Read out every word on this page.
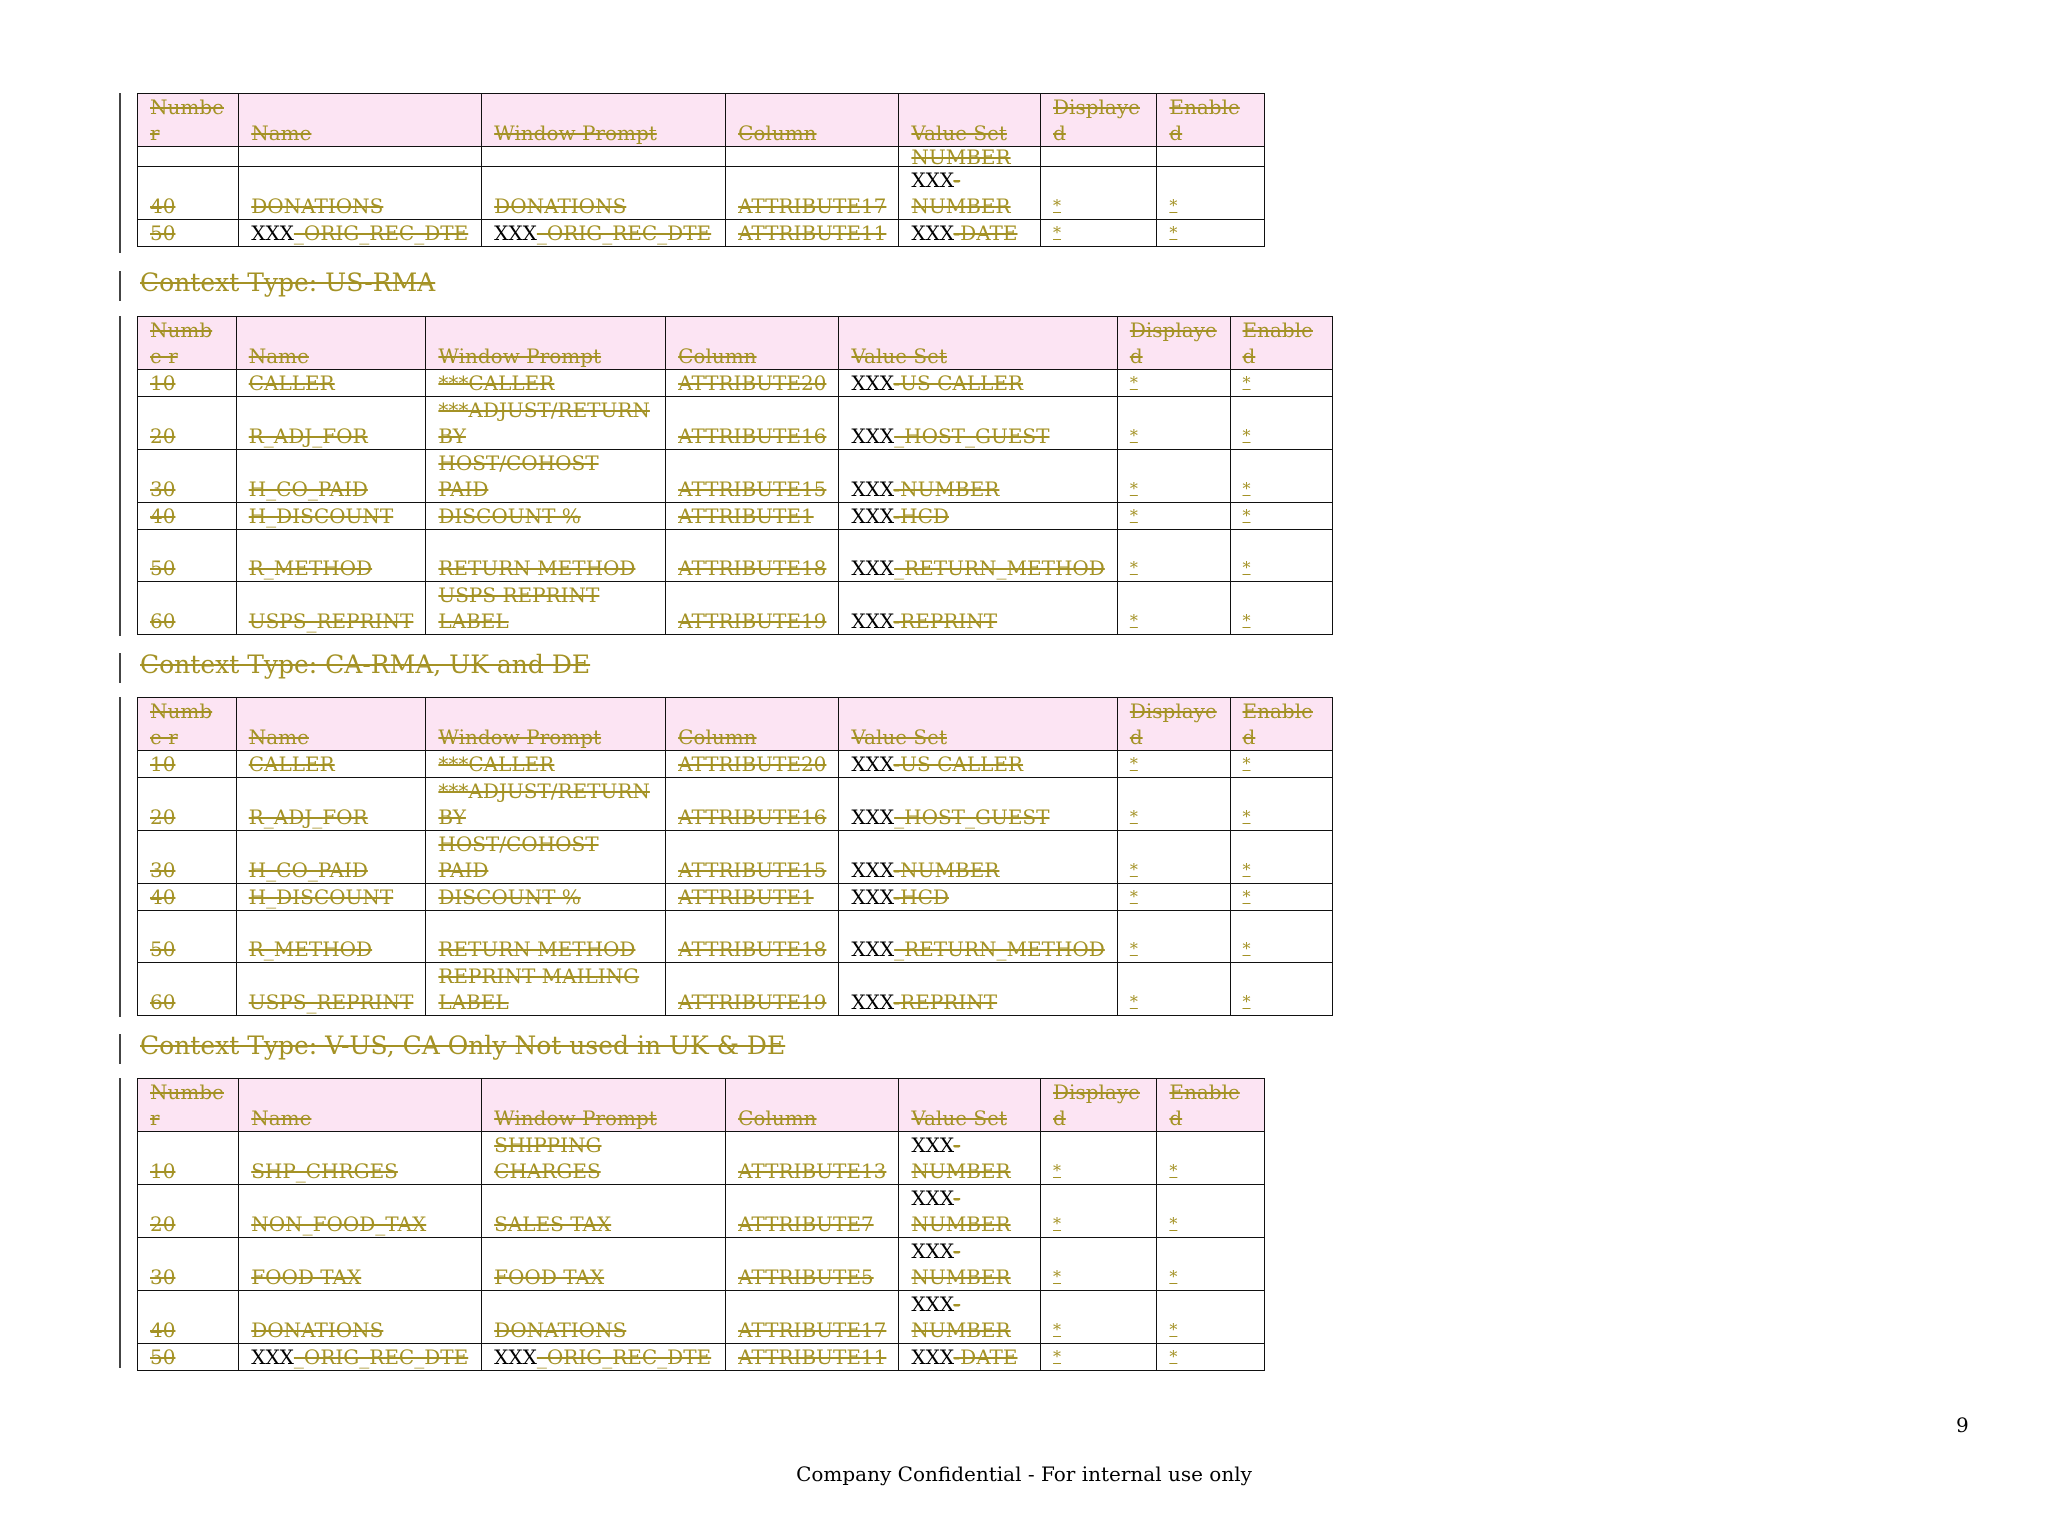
Numbe r	Name	Window Prompt	Column	Value Set	Displaye d	Enabled
				NUMBER		
40	DONATIONS	DONATIONS	ATTRIBUTE17	XXX-NUMBER	*	*
50	XXX_ORIG_REC_DTE	XXX_ORIG_REC_DTE	ATTRIBUTE11	XXX-DATE	*	*
Context Type: US-RMA
Numbe r	Name	Window Prompt	Column	Value Set	Displaye d	Enabled
10	CALLER	***CALLER	ATTRIBUTE20	XXX-US CALLER	*	*
20	R_ADJ_FOR	***ADJUST/RETURN BY	ATTRIBUTE16	XXX_HOST_GUEST	*	*
30	H_CO_PAID	HOST/COHOST PAID	ATTRIBUTE15	XXX-NUMBER	*	*
40	H_DISCOUNT	DISCOUNT %	ATTRIBUTE1	XXX-HCD	*	*
50	R_METHOD	RETURN METHOD	ATTRIBUTE18	XXX_RETURN_METHOD	*	*
60	USPS_REPRINT	USPS REPRINT LABEL	ATTRIBUTE19	XXX-REPRINT	*	*
Context Type: CA-RMA, UK and DE
Numbe r	Name	Window Prompt	Column	Value Set	Displaye d	Enabled
10	CALLER	***CALLER	ATTRIBUTE20	XXX-US CALLER	*	*
20	R_ADJ_FOR	***ADJUST/RETURN BY	ATTRIBUTE16	XXX_HOST_GUEST	*	*
30	H_CO_PAID	HOST/COHOST PAID	ATTRIBUTE15	XXX-NUMBER	*	*
40	H_DISCOUNT	DISCOUNT %	ATTRIBUTE1	XXX-HCD	*	*
50	R_METHOD	RETURN METHOD	ATTRIBUTE18	XXX_RETURN_METHOD	*	*
60	USPS_REPRINT	REPRINT MAILING LABEL	ATTRIBUTE19	XXX-REPRINT	*	*
Context Type: V-US, CA Only Not used in UK & DE
Numbe r	Name	Window Prompt	Column	Value Set	Displaye d	Enabled
10	SHP_CHRGES	SHIPPING CHARGES	ATTRIBUTE13	XXX-NUMBER	*	*
20	NON_FOOD_TAX	SALES TAX	ATTRIBUTE7	XXX-NUMBER	*	*
30	FOOD TAX	FOOD TAX	ATTRIBUTE5	XXX-NUMBER	*	*
40	DONATIONS	DONATIONS	ATTRIBUTE17	XXX-NUMBER	*	*
50	XXX_ORIG_REC_DTE	XXX_ORIG_REC_DTE	ATTRIBUTE11	XXX-DATE	*	*
9
Company Confidential - For internal use only
